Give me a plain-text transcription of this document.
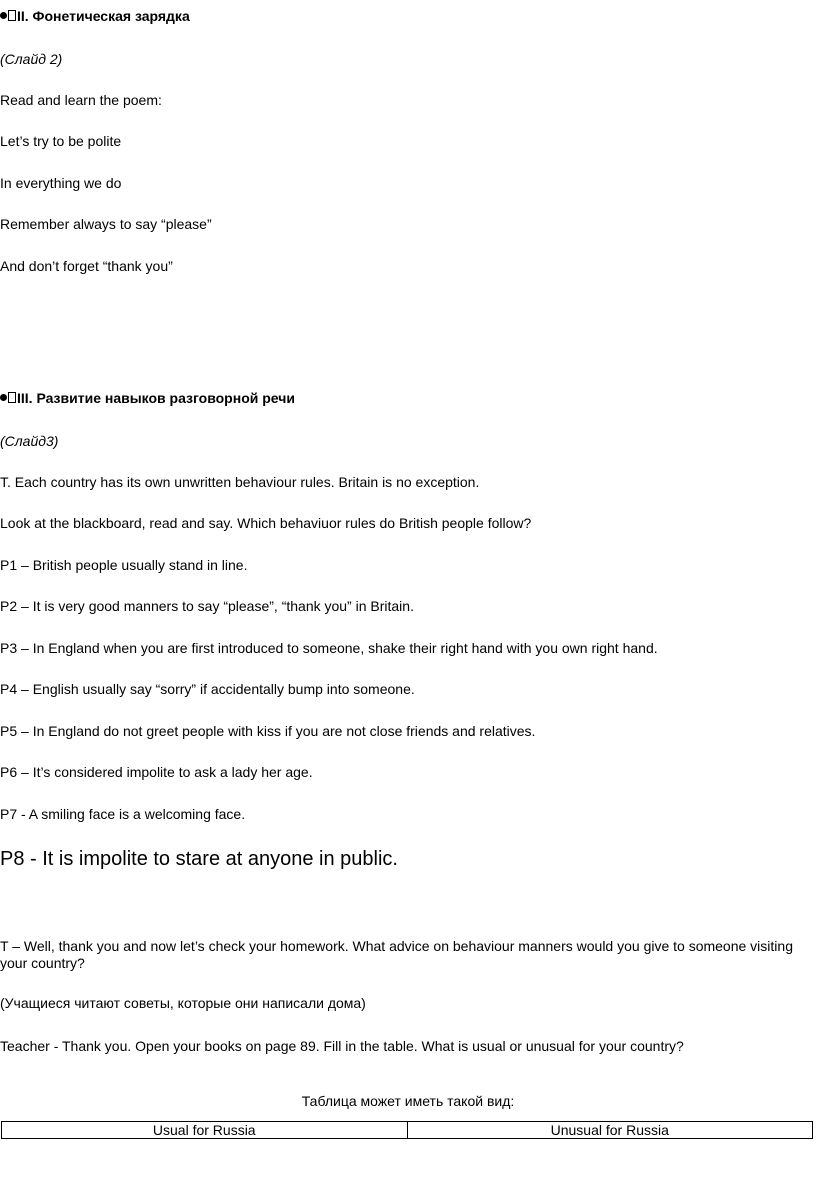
II. Фонетическая зарядка

(Слайд 2)

Read and learn the poem:

Let’s try to be polite

In everything we do

Remember always to say “please”

And don’t forget “thank you”

III. Развитие навыков разговорной речи

(Слайд3)

T. Each country has its own unwritten behaviour rules. Britain is no exception.

Look at the blackboard, read and say. Which behaviuor rules do British people follow?

P1 – British people usually stand in line.

P2 – It is very good manners to say “please”, “thank you” in Britain.

P3 – In England when you are first introduced to someone, shake their right hand with you own right hand.

P4 – English usually say “sorry” if accidentally bump into someone.

P5 – In England do not greet people with kiss if you are not close friends and relatives.

P6 – It’s considered impolite to ask a lady her age.

P7 - A smiling face is a welcoming face.

P8 - It is impolite to stare at anyone in public.

T – Well, thank you and now let’s check your homework. What advice on behaviour manners would you give to someone visiting your country?

(Учащиеся читают советы, которые они написали дома)

Teacher - Thank you. Open your books on page 89. Fill in the table. What is usual or unusual for your country?

Таблица может иметь такой вид:

Usual for Russia	Unusual for Russia
